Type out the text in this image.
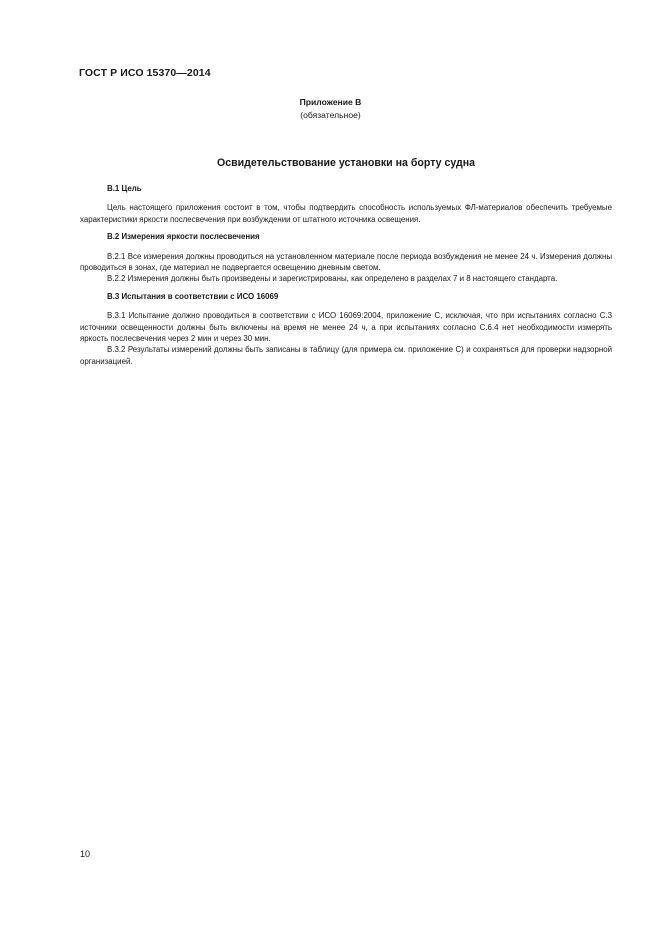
ГОСТ Р ИСО 15370—2014
Приложение В
(обязательное)
Освидетельствование установки на борту судна
В.1 Цель

Цель настоящего приложения состоит в том, чтобы подтвердить способность используемых ФЛ-материалов обеспечить требуемые характеристики яркости послесвечения при возбуждении от штатного источника освещения.

В.2 Измерения яркости послесвечения

В.2.1 Все измерения должны проводиться на установленном материале после периода возбуждения не менее 24 ч. Измерения должны проводиться в зонах, где материал не подвергается освещению дневным светом.

В.2.2 Измерения должны быть произведены и зарегистрированы, как определено в разделах 7 и 8 настоящего стандарта.

В.3 Испытания в соответствии с ИСО 16069

В.3.1 Испытание должно проводиться в соответствии с ИСО 16069:2004, приложение С, исключая, что при испытаниях согласно С.3 источники освещенности должны быть включены на время не менее 24 ч, а при испытаниях согласно С.6.4 нет необходимости измерять яркость послесвечения через 2 мин и через 30 мин.

В.3.2 Результаты измерений должны быть записаны в таблицу (для примера см. приложение С) и сохраняться для проверки надзорной организацией.

10
